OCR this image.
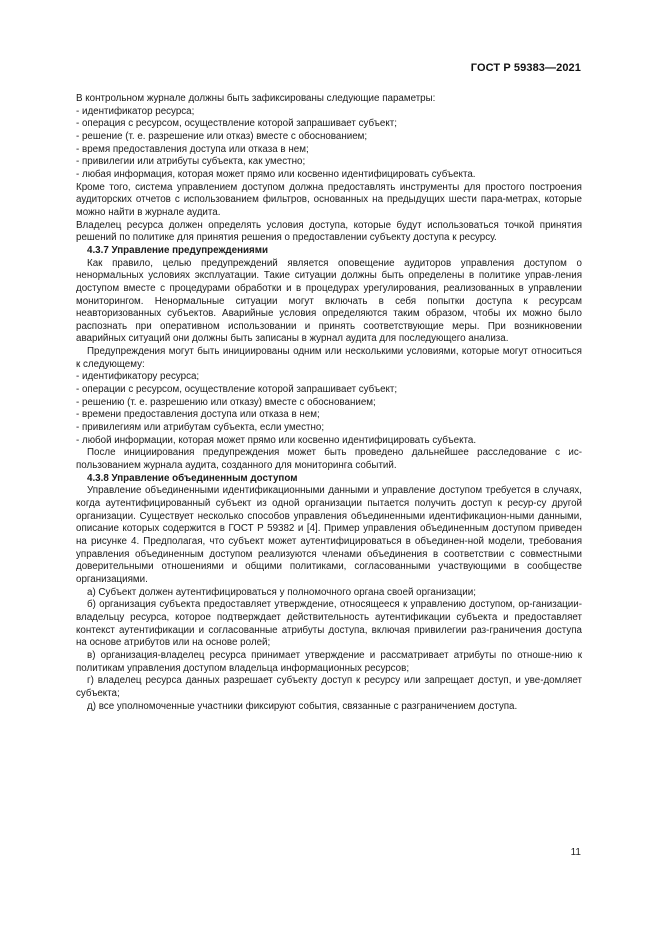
ГОСТ Р 59383—2021

В контрольном журнале должны быть зафиксированы следующие параметры:

- идентификатор ресурса;

- операция с ресурсом, осуществление которой запрашивает субъект;

- решение (т. е. разрешение или отказ) вместе с обоснованием;

- время предоставления доступа или отказа в нем;

- привилегии или атрибуты субъекта, как уместно;

- любая информация, которая может прямо или косвенно идентифицировать субъекта.

Кроме того, система управлением доступом должна предоставлять инструменты для простого построения аудиторских отчетов с использованием фильтров, основанных на предыдущих шести пара-метрах, которые можно найти в журнале аудита.

Владелец ресурса должен определять условия доступа, которые будут использоваться точкой принятия решений по политике для принятия решения о предоставлении субъекту доступа к ресурсу.

4.3.7 Управление предупреждениями

Как правило, целью предупреждений является оповещение аудиторов управления доступом о ненормальных условиях эксплуатации. Такие ситуации должны быть определены в политике управ-ления доступом вместе с процедурами обработки и в процедурах урегулирования, реализованных в управлении мониторингом. Ненормальные ситуации могут включать в себя попытки доступа к ресурсам неавторизованных субъектов. Аварийные условия определяются таким образом, чтобы их можно было распознать при оперативном использовании и принять соответствующие меры. При возникновении аварийных ситуаций они должны быть записаны в журнал аудита для последующего анализа.

Предупреждения могут быть инициированы одним или несколькими условиями, которые могут относиться к следующему:

- идентификатору ресурса;

- операции с ресурсом, осуществление которой запрашивает субъект;

- решению (т. е. разрешению или отказу) вместе с обоснованием;

- времени предоставления доступа или отказа в нем;

- привилегиям или атрибутам субъекта, если уместно;

- любой информации, которая может прямо или косвенно идентифицировать субъекта.

После инициирования предупреждения может быть проведено дальнейшее расследование с ис-пользованием журнала аудита, созданного для мониторинга событий.

4.3.8 Управление объединенным доступом

Управление объединенными идентификационными данными и управление доступом требуется в случаях, когда аутентифицированный субъект из одной организации пытается получить доступ к ресур-су другой организации. Существует несколько способов управления объединенными идентификацион-ными данными, описание которых содержится в ГОСТ Р 59382 и [4]. Пример управления объединенным доступом приведен на рисунке 4. Предполагая, что субъект может аутентифицироваться в объединен-ной модели, требования управления объединенным доступом реализуются членами объединения в соответствии с совместными доверительными отношениями и общими политиками, согласованными участвующими в сообществе организациями.

а) Субъект должен аутентифицироваться у полномочного органа своей организации;

б) организация субъекта предоставляет утверждение, относящееся к управлению доступом, ор-ганизации-владельцу ресурса, которое подтверждает действительность аутентификации субъекта и предоставляет контекст аутентификации и согласованные атрибуты доступа, включая привилегии раз-граничения доступа на основе атрибутов или на основе ролей;

в) организация-владелец ресурса принимает утверждение и рассматривает атрибуты по отноше-нию к политикам управления доступом владельца информационных ресурсов;

г) владелец ресурса данных разрешает субъекту доступ к ресурсу или запрещает доступ, и уве-домляет субъекта;

д) все уполномоченные участники фиксируют события, связанные с разграничением доступа.

11
